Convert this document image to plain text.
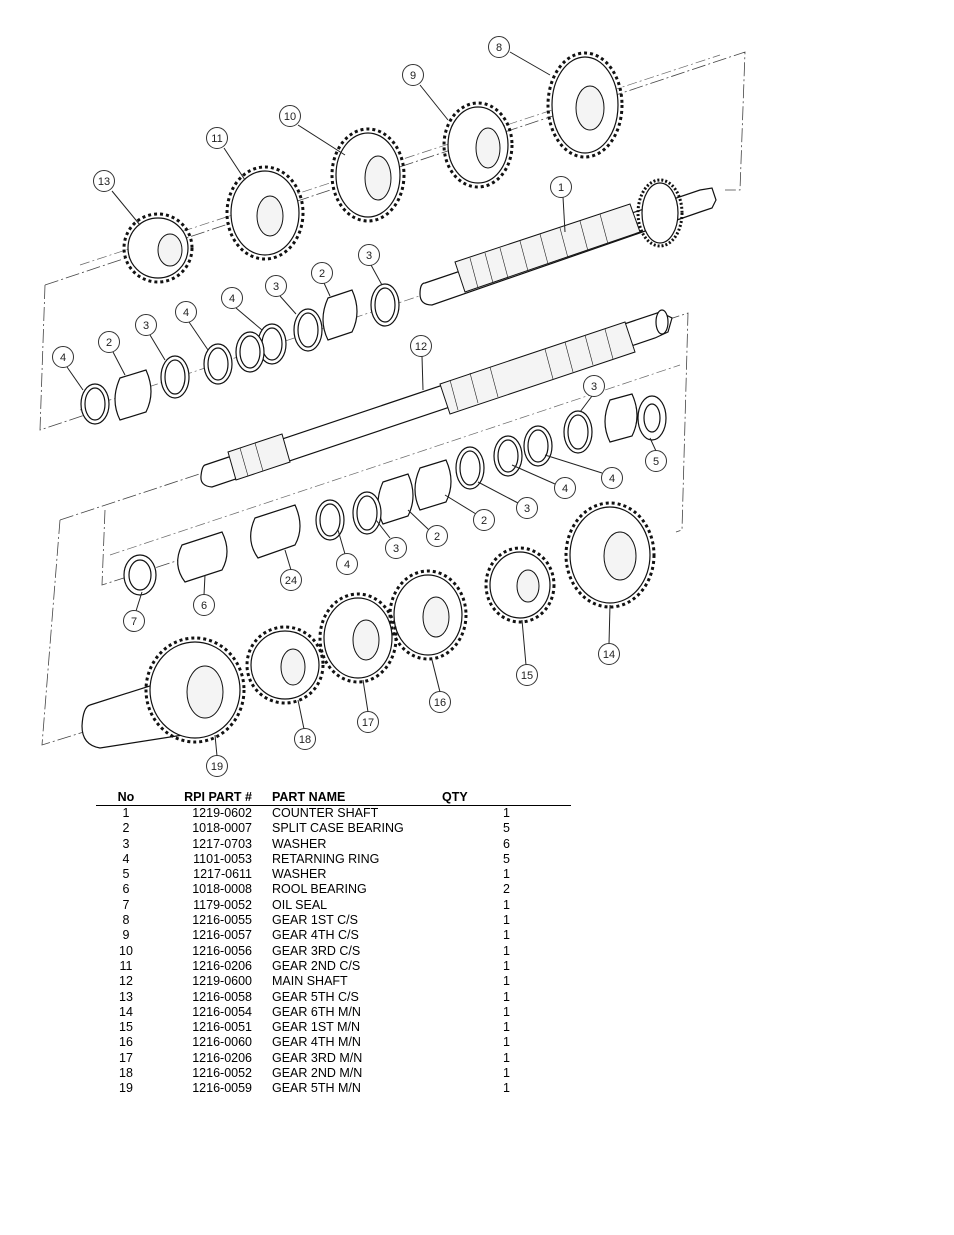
8
9
10
11
13	1
3
2
3
4
4
3
2
4
12
3
5
4
4
3
2
2
3
4
24
6
7
14
15
16
17
18
19
No	RPI PART #	PART NAME	QTY
1	1219-0602	COUNTER SHAFT	1
2	1018-0007	SPLIT CASE BEARING	5
3	1217-0703	WASHER	6
4	1101-0053	RETARNING RING	5
5	1217-0611	WASHER	1
6	1018-0008	ROOL BEARING	2
7	1179-0052	OIL SEAL	1
8	1216-0055	GEAR 1ST C/S	1
9	1216-0057	GEAR 4TH C/S	1
10	1216-0056	GEAR 3RD C/S	1
11	1216-0206	GEAR 2ND C/S	1
12	1219-0600	MAIN SHAFT	1
13	1216-0058	GEAR 5TH C/S	1
14	1216-0054	GEAR 6TH M/N	1
15	1216-0051	GEAR 1ST M/N	1
16	1216-0060	GEAR 4TH M/N	1
17	1216-0206	GEAR 3RD M/N	1
18	1216-0052	GEAR 2ND M/N	1
19	1216-0059	GEAR 5TH M/N	1
